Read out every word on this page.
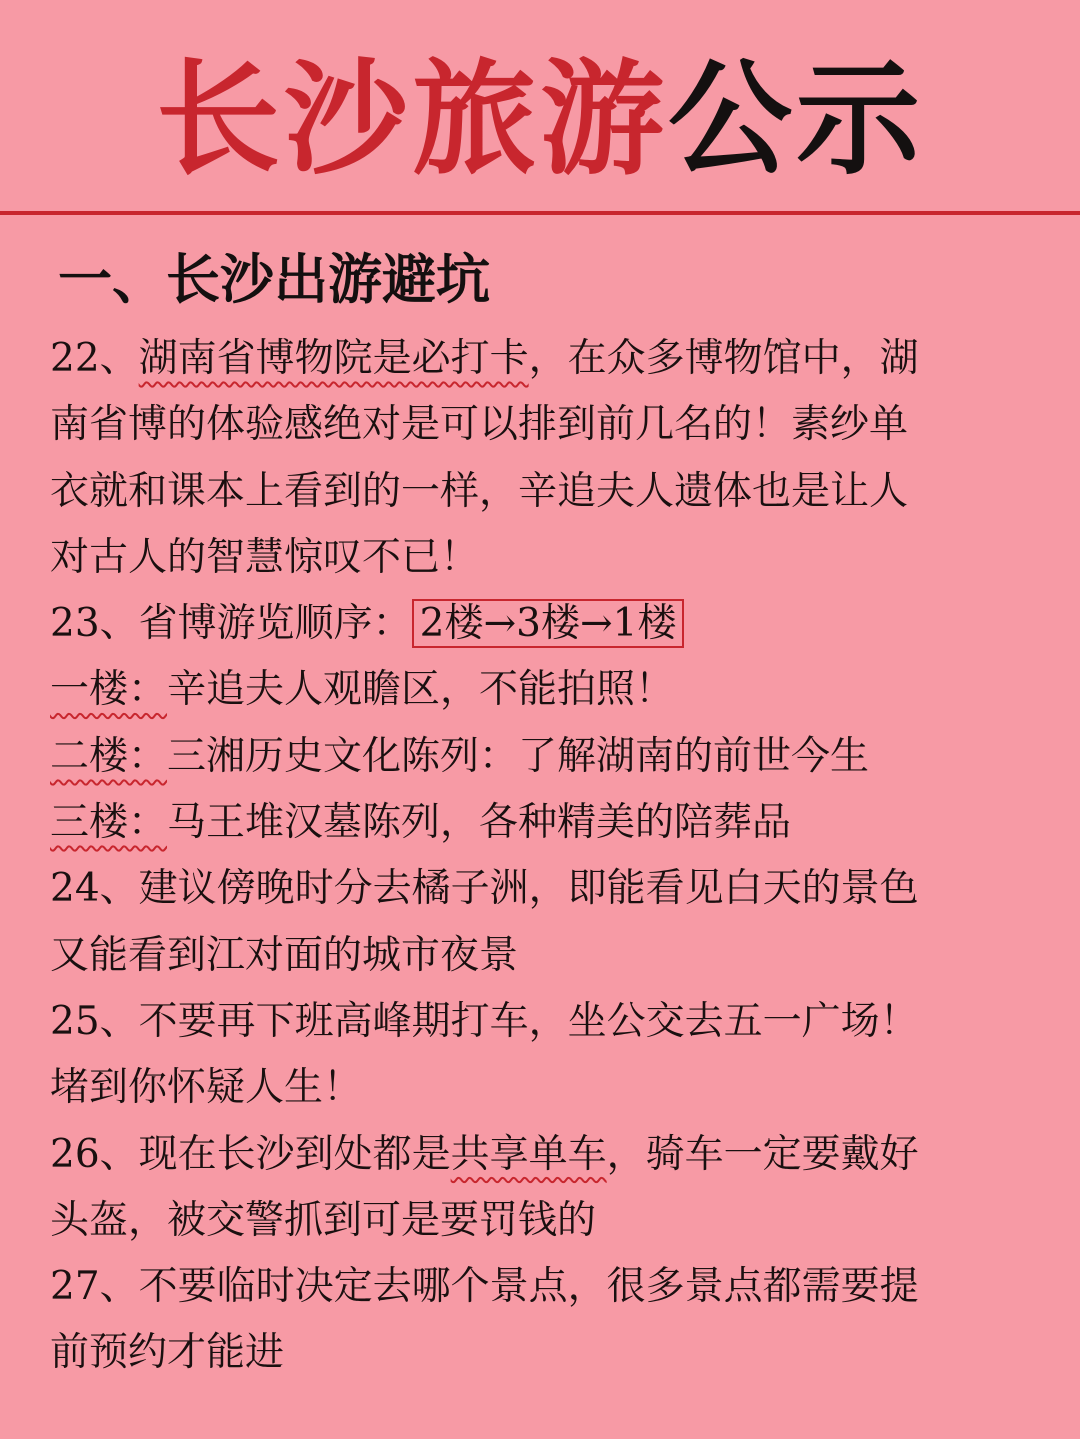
长沙旅游公示
一、长沙出游避坑
22、湖南省博物院是必打卡，在众多博物馆中，湖
南省博的体验感绝对是可以排到前几名的！素纱单
衣就和课本上看到的一样，辛追夫人遗体也是让人
对古人的智慧惊叹不已！
23、省博游览顺序： 2楼→3楼→1楼
一楼：辛追夫人观瞻区，不能拍照！
二楼：三湘历史文化陈列：了解湖南的前世今生
三楼：马王堆汉墓陈列，各种精美的陪葬品
24、建议傍晚时分去橘子洲，即能看见白天的景色
又能看到江对面的城市夜景
25、不要再下班高峰期打车，坐公交去五一广场！
堵到你怀疑人生！
26、现在长沙到处都是共享单车，骑车一定要戴好
头盔，被交警抓到可是要罚钱的
27、不要临时决定去哪个景点，很多景点都需要提
前预约才能进
